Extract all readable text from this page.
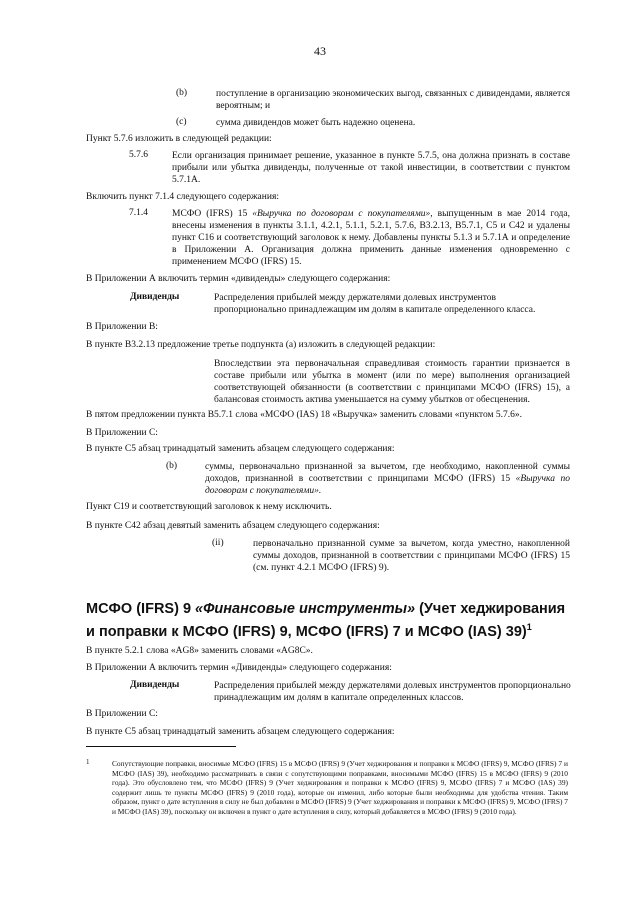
43
(b)	поступление в организацию экономических выгод, связанных с дивидендами, является вероятным; и
(c)	сумма дивидендов может быть надежно оценена.
Пункт 5.7.6 изложить в следующей редакции:
5.7.6	Если организация принимает решение, указанное в пункте 5.7.5, она должна признать в составе прибыли или убытка дивиденды, полученные от такой инвестиции, в соответствии с пунктом 5.7.1А.
Включить пункт 7.1.4 следующего содержания:
7.1.4	МСФО (IFRS) 15 «Выручка по договорам с покупателями», выпущенным в мае 2014 года, внесены изменения в пункты 3.1.1, 4.2.1, 5.1.1, 5.2.1, 5.7.6, B3.2.13, B5.7.1, C5 и C42 и удалены пункт C16 и соответствующий заголовок к нему. Добавлены пункты 5.1.3 и 5.7.1А и определение в Приложении А. Организация должна применить данные изменения одновременно с применением МСФО (IFRS) 15.
В Приложении А включить термин «дивиденды» следующего содержания:
Дивиденды	Распределения прибылей между держателями долевых инструментов пропорционально принадлежащим им долям в капитале определенного класса.
В Приложении В:
В пункте B3.2.13 предложение третье подпункта (а) изложить в следующей редакции:
Впоследствии эта первоначальная справедливая стоимость гарантии признается в составе прибыли или убытка в момент (или по мере) выполнения организацией соответствующей обязанности (в соответствии с принципами МСФО (IFRS) 15), а балансовая стоимость актива уменьшается на сумму убытков от обесценения.
В пятом предложении пункта B5.7.1 слова «МСФО (IAS) 18 «Выручка» заменить словами «пунктом 5.7.6».
В Приложении C:
В пункте C5 абзац тринадцатый заменить абзацем следующего содержания:
(b)	суммы, первоначально признанной за вычетом, где необходимо, накопленной суммы доходов, признанной в соответствии с принципами МСФО (IFRS) 15 «Выручка по договорам с покупателями».
Пункт C19 и соответствующий заголовок к нему исключить.
В пункте C42 абзац девятый заменить абзацем следующего содержания:
(ii)	первоначально признанной сумме за вычетом, когда уместно, накопленной суммы доходов, признанной в соответствии с принципами МСФО (IFRS) 15 (см. пункт 4.2.1 МСФО (IFRS) 9).
МСФО (IFRS) 9 «Финансовые инструменты» (Учет хеджирования и поправки к МСФО (IFRS) 9, МСФО (IFRS) 7 и МСФО (IAS) 39)$^1$
В пункте 5.2.1 слова «AG8» заменить словами «AG8C».
В Приложении А включить термин «Дивиденды» следующего содержания:
Дивиденды	Распределения прибылей между держателями долевых инструментов пропорционально принадлежащим им долям в капитале определенных классов.
В Приложении C:
В пункте C5 абзац тринадцатый заменить абзацем следующего содержания:
1	Сопутствующие поправки, вносимые МСФО (IFRS) 15 в МСФО (IFRS) 9 (Учет хеджирования и поправки к МСФО (IFRS) 9, МСФО (IFRS) 7 и МСФО (IAS) 39), необходимо рассматривать в связи с сопутствующими поправками, вносимыми МСФО (IFRS) 15 в МСФО (IFRS) 9 (2010 года). Это обусловлено тем, что МСФО (IFRS) 9 (Учет хеджирования и поправки к МСФО (IFRS) 9, МСФО (IFRS) 7 и МСФО (IAS) 39) содержит лишь те пункты МСФО (IFRS) 9 (2010 года), которые он изменил, либо которые были необходимы для удобства чтения. Таким образом, пункт о дате вступления в силу не был добавлен в МСФО (IFRS) 9 (Учет хеджирования и поправки к МСФО (IFRS) 9, МСФО (IFRS) 7 и МСФО (IAS) 39), поскольку он включен в пункт о дате вступления в силу, который добавляется в МСФО (IFRS) 9 (2010 года).
